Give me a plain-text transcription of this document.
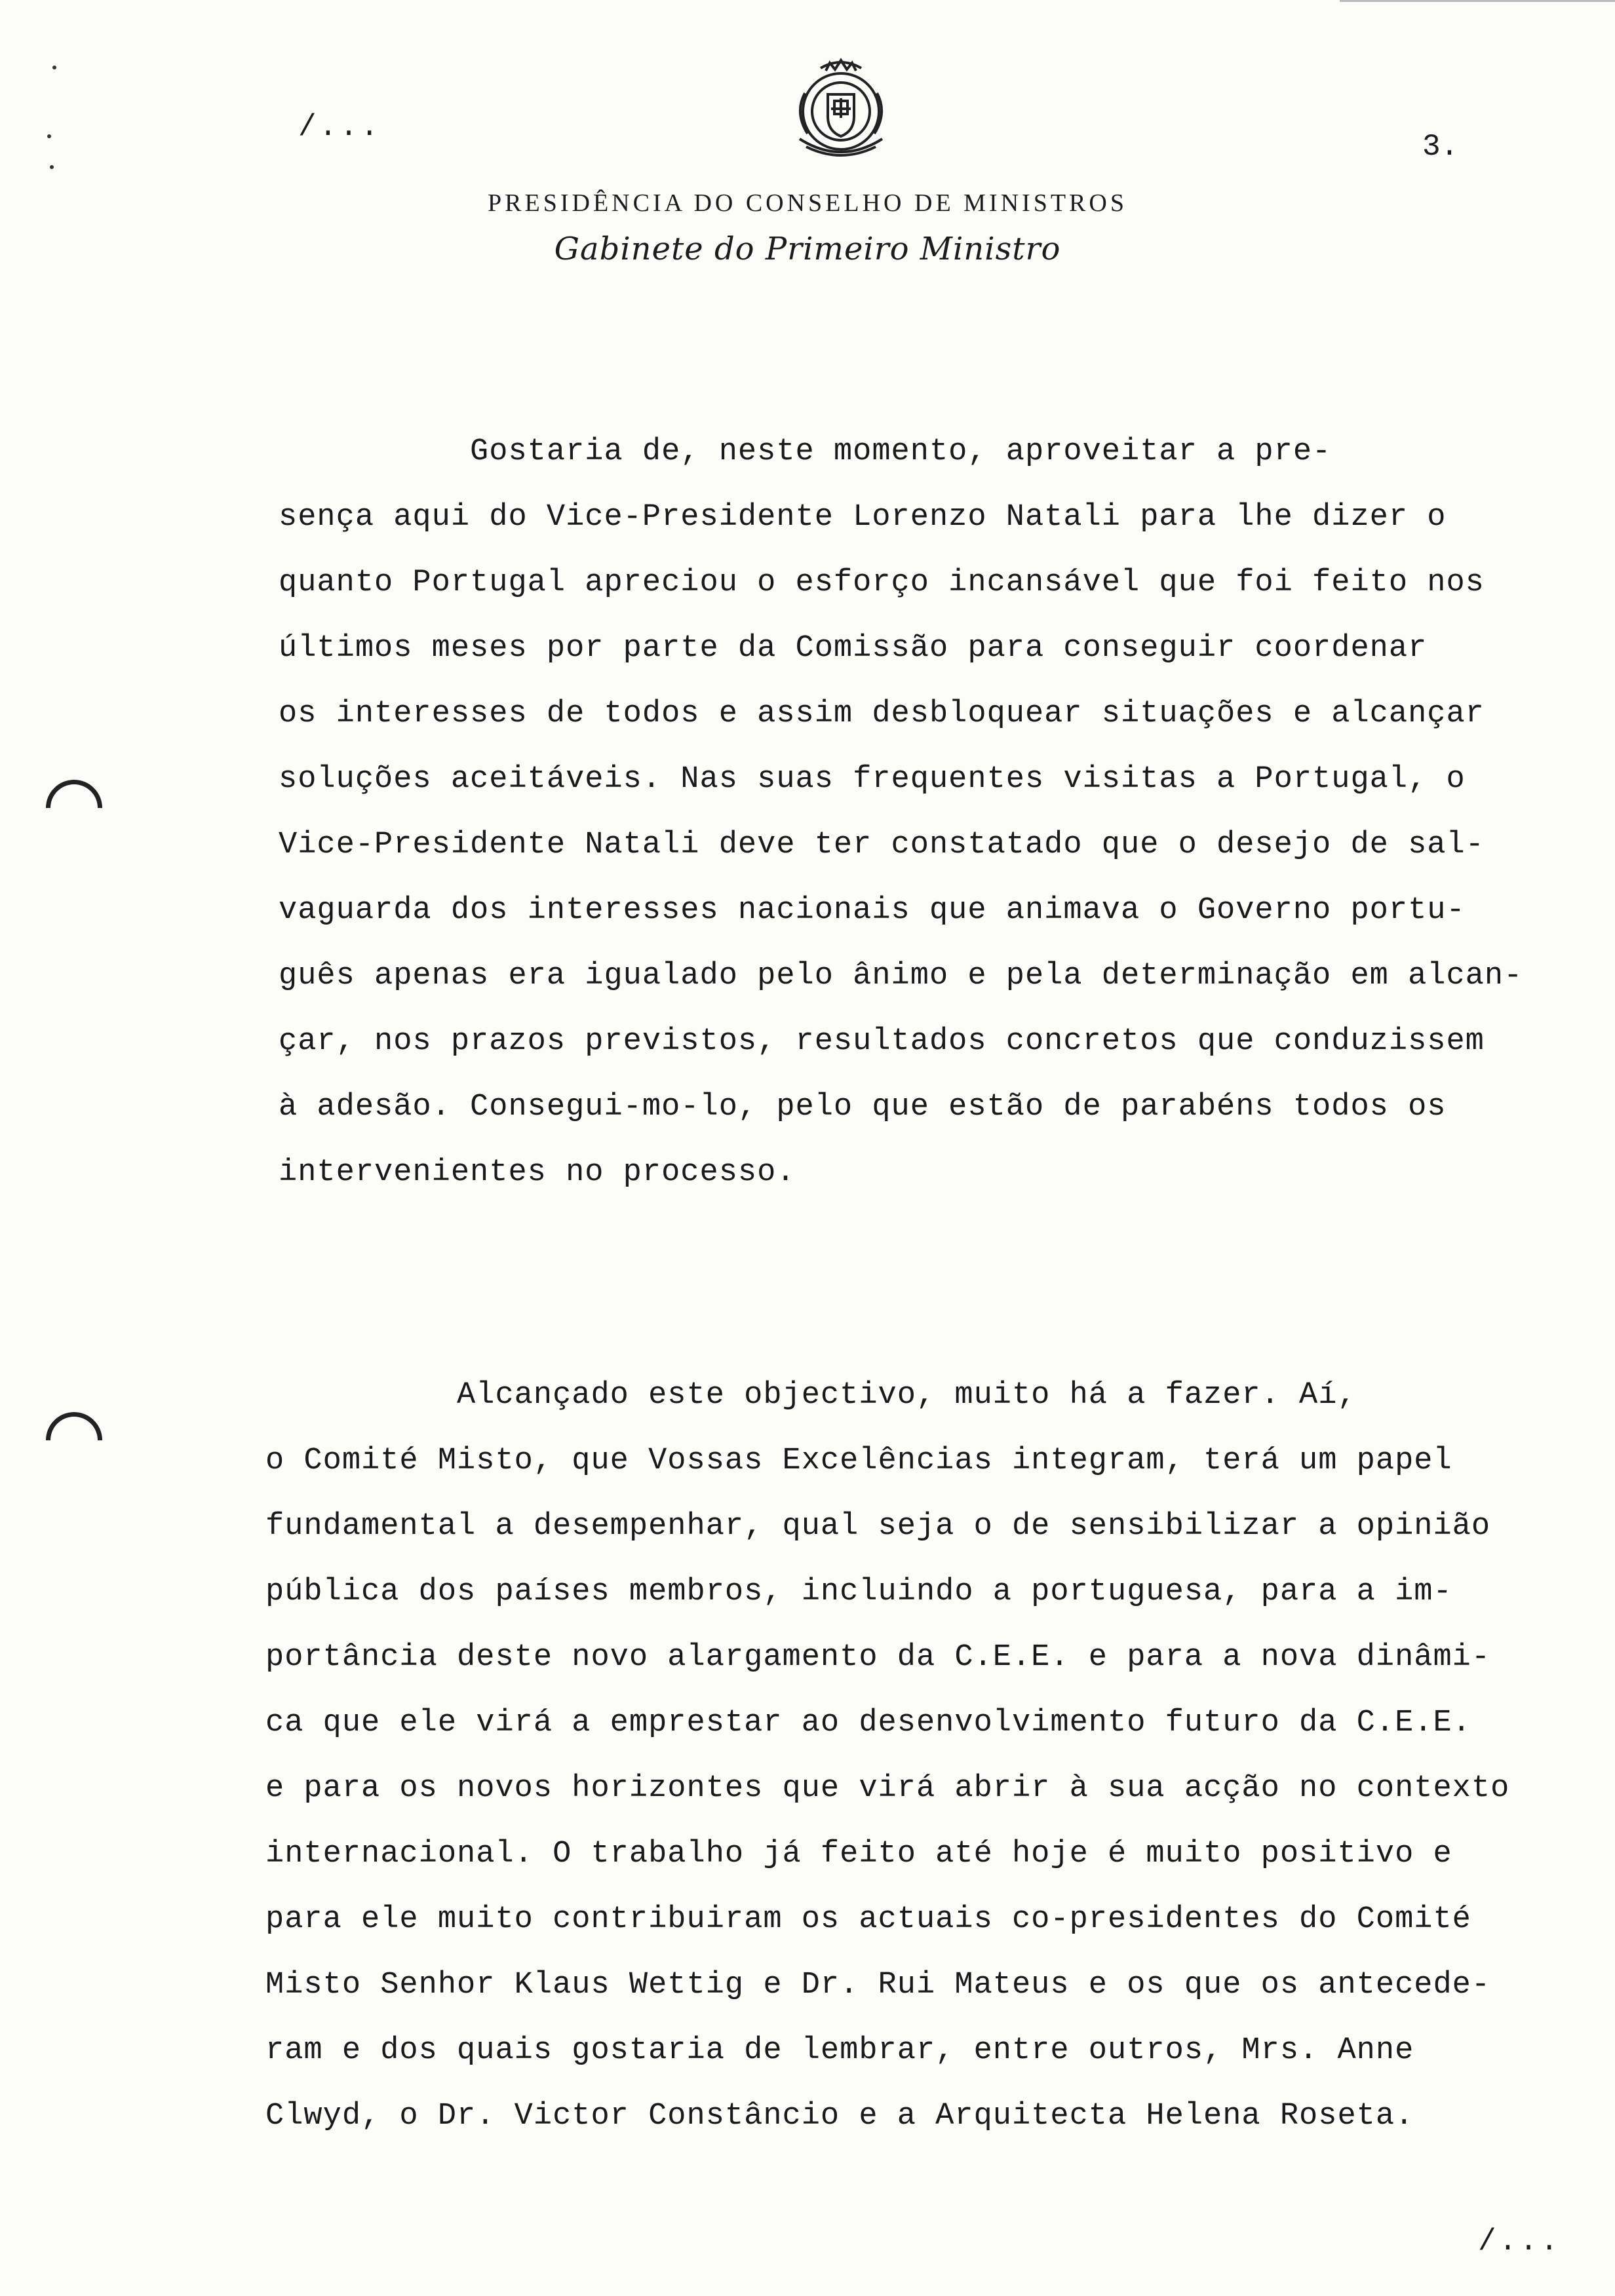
/...
3.
PRESIDÊNCIA DO CONSELHO DE MINISTROS
Gabinete do Primeiro Ministro

Gostaria de, neste momento, aproveitar a pre-

sença aqui do Vice-Presidente Lorenzo Natali para lhe dizer o

quanto Portugal apreciou o esforço incansável que foi feito nos

últimos meses por parte da Comissão para conseguir coordenar

os interesses de todos e assim desbloquear situações e alcançar

soluções aceitáveis. Nas suas frequentes visitas a Portugal, o

Vice-Presidente Natali deve ter constatado que o desejo de sal-

vaguarda dos interesses nacionais que animava o Governo portu-

guês apenas era igualado pelo ânimo e pela determinação em alcan-

çar, nos prazos previstos, resultados concretos que conduzissem

à adesão. Consegui-mo-lo, pelo que estão de parabéns todos os

intervenientes no processo.

Alcançado este objectivo, muito há a fazer. Aí,

o Comité Misto, que Vossas Excelências integram, terá um papel

fundamental a desempenhar, qual seja o de sensibilizar a opinião

pública dos países membros, incluindo a portuguesa, para a im-

portância deste novo alargamento da C.E.E. e para a nova dinâmi-

ca que ele virá a emprestar ao desenvolvimento futuro da C.E.E.

e para os novos horizontes que virá abrir à sua acção no contexto

internacional. O trabalho já feito até hoje é muito positivo e

para ele muito contribuiram os actuais co-presidentes do Comité

Misto Senhor Klaus Wettig e Dr. Rui Mateus e os que os antecede-

ram e dos quais gostaria de lembrar, entre outros, Mrs. Anne

Clwyd, o Dr. Victor Constâncio e a Arquitecta Helena Roseta.

/...
